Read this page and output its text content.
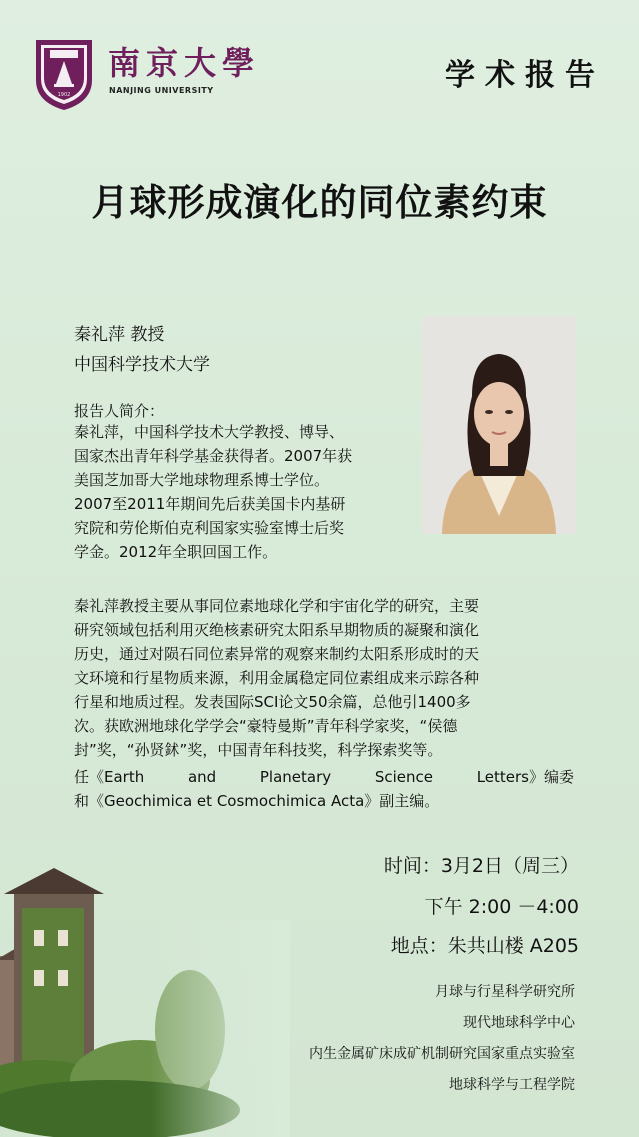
1902
南京大學
NANJING UNIVERSITY	学术报告
月球形成演化的同位素约束
秦礼萍 教授
中国科学技术大学
报告人简介：
秦礼萍，中国科学技术大学教授、博导、
国家杰出青年科学基金获得者。2007年获
美国芝加哥大学地球物理系博士学位。
2007至2011年期间先后获美国卡内基研
究院和劳伦斯伯克利国家实验室博士后奖
学金。2012年全职回国工作。
秦礼萍教授主要从事同位素地球化学和宇宙化学的研究，主要
研究领域包括利用灭绝核素研究太阳系早期物质的凝聚和演化
历史，通过对陨石同位素异常的观察来制约太阳系形成时的天
文环境和行星物质来源，利用金属稳定同位素组成来示踪各种
行星和地质过程。发表国际SCI论文50余篇，总他引1400多
次。获欧洲地球化学学会“豪特曼斯”青年科学家奖，“侯德
封”奖，“孙贤鉥”奖，中国青年科技奖，科学探索奖等。
任《Earth	and	Planetary	Science	Letters》编委
和《Geochimica et Cosmochimica Acta》副主编。
时间：3月2日（周三）
下午 2:00 －4:00
地点：朱共山楼 A205
月球与行星科学研究所
现代地球科学中心
内生金属矿床成矿机制研究国家重点实验室
地球科学与工程学院
